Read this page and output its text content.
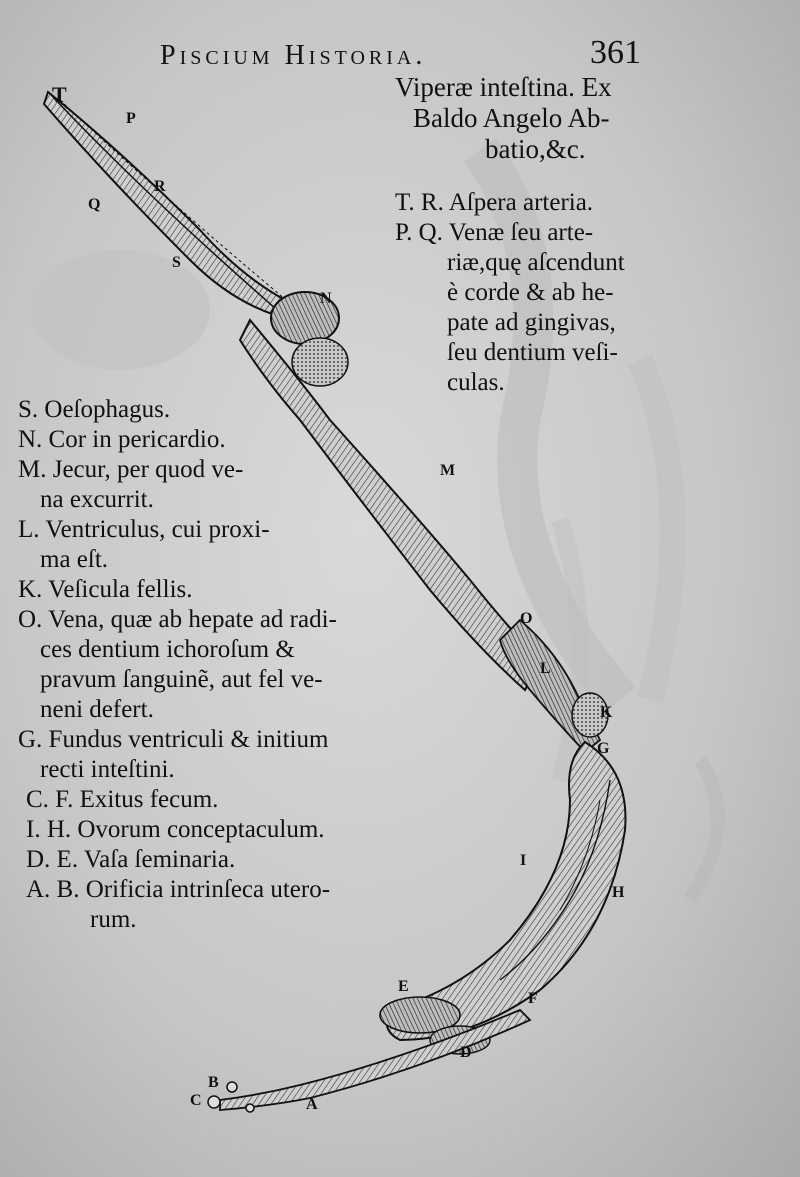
Piscium Historia.	361
Viperæ inteſtina. Ex
Baldo Angelo Ab-
batio,&c.
T. R. Aſpera arteria.
P. Q. Venæ ſeu arte-
riæ,quę aſcendunt
è corde & ab he-
pate ad gingivas,
ſeu dentium veſi-
culas.
S. Oeſophagus.
N. Cor in pericardio.
M. Jecur, per quod ve-
na excurrit.
L. Ventriculus, cui proxi-
ma eſt.
K. Veſicula fellis.
O. Vena, quæ ab hepate ad radi-
ces dentium ichoroſum &
pravum ſanguinẽ, aut fel ve-
neni defert.
G. Fundus ventriculi & initium
recti inteſtini.
C. F. Exitus fecum.
I. H. Ovorum conceptaculum.
D. E. Vaſa ſeminaria.
A. B. Orificia intrinſeca utero-
rum.
T
P
R
Q
S
N
M
O
L
K
G
H
I
E
F
D
B
C	A
